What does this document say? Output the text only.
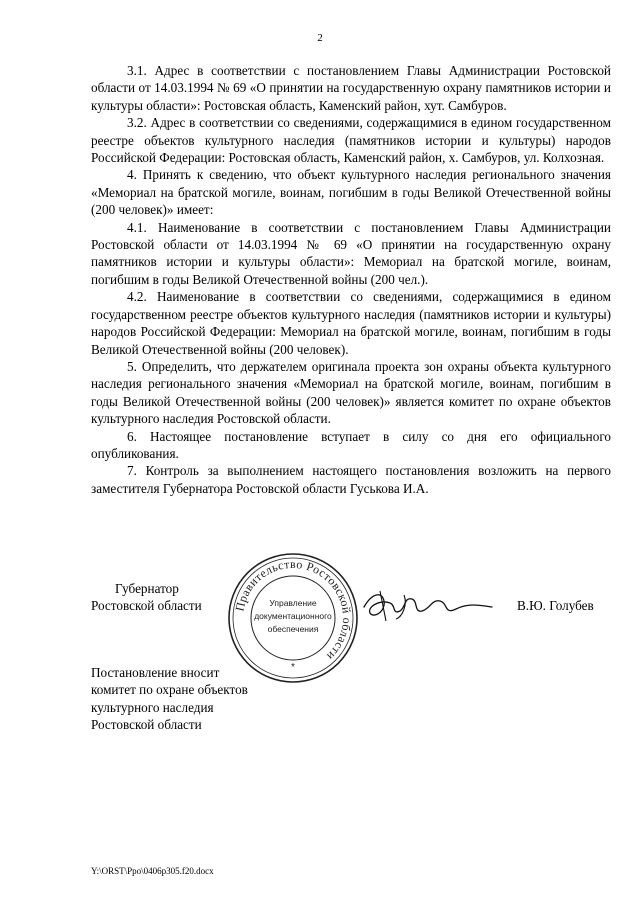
2

3.1. Адрес в соответствии с постановлением Главы Администрации Ростовской области от 14.03.1994 № 69 «О принятии на государственную охрану памятников истории и культуры области»: Ростовская область, Каменский район, хут. Самбуров.

3.2. Адрес в соответствии со сведениями, содержащимися в едином государственном реестре объектов культурного наследия (памятников истории и культуры) народов Российской Федерации: Ростовская область, Каменский район, х. Самбуров, ул. Колхозная.

4. Принять к сведению, что объект культурного наследия регионального значения «Мемориал на братской могиле, воинам, погибшим в годы Великой Отечественной войны (200 человек)» имеет:

4.1. Наименование в соответствии с постановлением Главы Администрации Ростовской области от 14.03.1994 № 69 «О принятии на государственную охрану памятников истории и культуры области»: Мемориал на братской могиле, воинам, погибшим в годы Великой Отечественной войны (200 чел.).

4.2. Наименование в соответствии со сведениями, содержащимися в едином государственном реестре объектов культурного наследия (памятников истории и культуры) народов Российской Федерации: Мемориал на братской могиле, воинам, погибшим в годы Великой Отечественной войны (200 человек).

5. Определить, что держателем оригинала проекта зон охраны объекта культурного наследия регионального значения «Мемориал на братской могиле, воинам, погибшим в годы Великой Отечественной войны (200 человек)» является комитет по охране объектов культурного наследия Ростовской области.

6. Настоящее постановление вступает в силу со дня его официального опубликования.

7. Контроль за выполнением настоящего постановления возложить на первого заместителя Губернатора Ростовской области Гуськова И.А.

Губернатор
Ростовской области	Правительство Ростовской области
Управление
документационного
обеспечения
*
В.Ю. Голубев
Постановление вносит
комитет по охране объектов
культурного наследия
Ростовской области
Y:\ORST\Ppo\0406p305.f20.docx
